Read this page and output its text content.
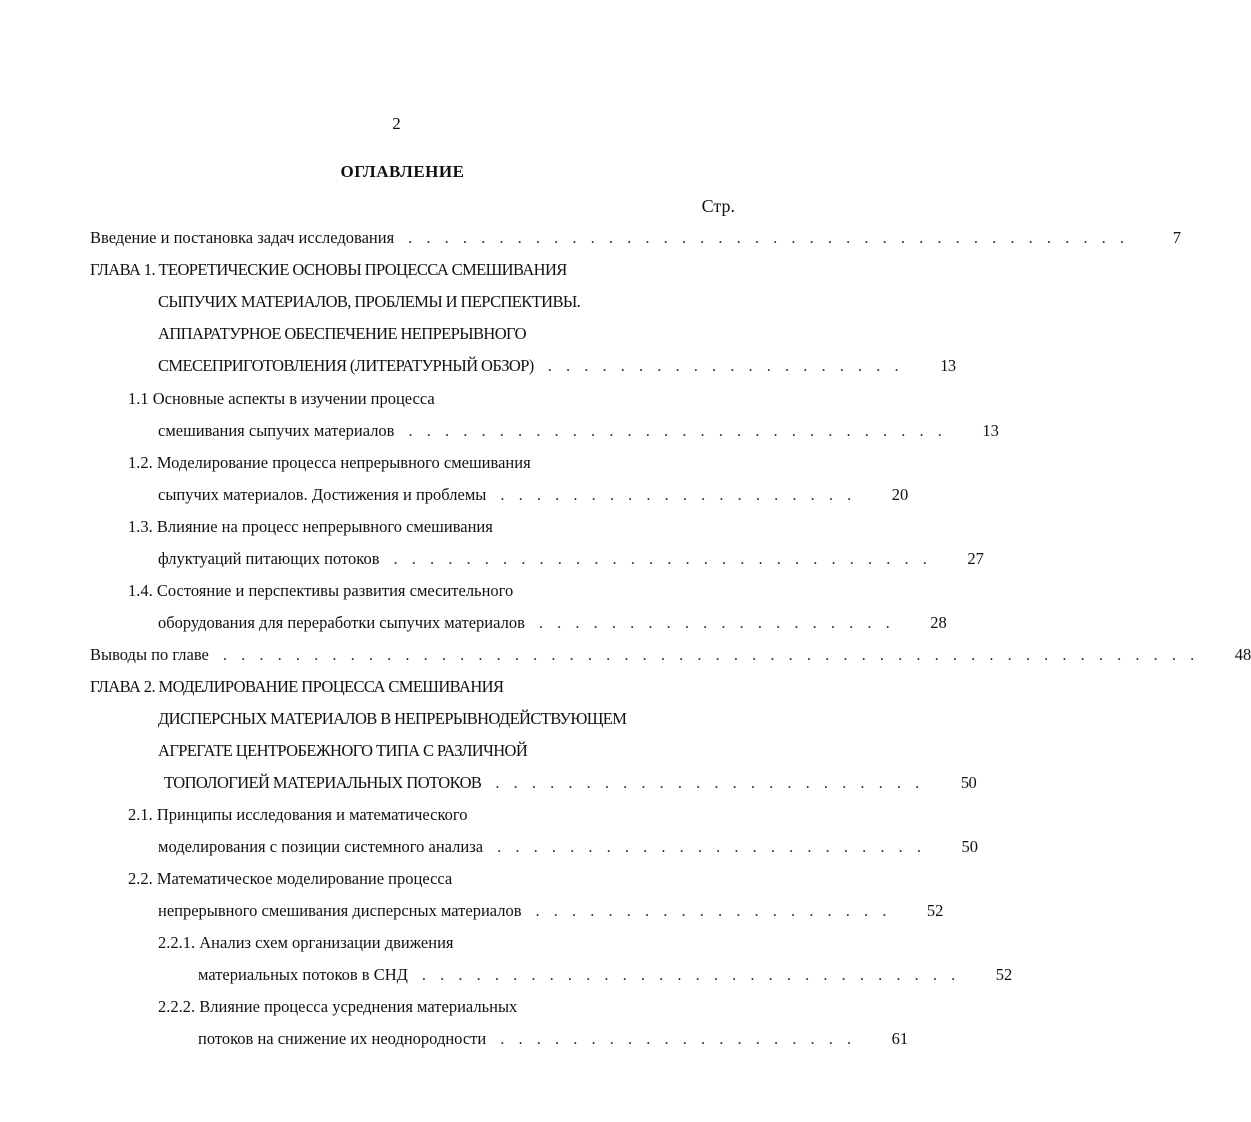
2
ОГЛАВЛЕНИЕ
Стр.
Введение и постановка задач исследования . . . . . . . . . . . . . . . . . . . . . . . . . . . . . . . . . . . . . . . .	7
ГЛАВА 1. ТЕОРЕТИЧЕСКИЕ ОСНОВЫ ПРОЦЕССА СМЕШИВАНИЯ
СЫПУЧИХ МАТЕРИАЛОВ, ПРОБЛЕМЫ И ПЕРСПЕКТИВЫ.
АППАРАТУРНОЕ ОБЕСПЕЧЕНИЕ НЕПРЕРЫВНОГО
СМЕСЕПРИГОТОВЛЕНИЯ (ЛИТЕРАТУРНЫЙ ОБЗОР) . . . . . . . . . . . . . . . . . . . .	13
1.1 Основные аспекты в изучении процесса
смешивания сыпучих материалов . . . . . . . . . . . . . . . . . . . . . . . . . . . . . .	13
1.2. Моделирование процесса непрерывного смешивания
сыпучих материалов. Достижения и проблемы . . . . . . . . . . . . . . . . . . . .	20
1.3. Влияние на процесс непрерывного смешивания
флуктуаций питающих потоков . . . . . . . . . . . . . . . . . . . . . . . . . . . . . .	27
1.4. Состояние и перспективы развития смесительного
оборудования для переработки сыпучих материалов . . . . . . . . . . . . . . . . . . . .	28
Выводы по главе . . . . . . . . . . . . . . . . . . . . . . . . . . . . . . . . . . . . . . . . . . . . . . . . . . . . . .	48
ГЛАВА 2. МОДЕЛИРОВАНИЕ ПРОЦЕССА СМЕШИВАНИЯ
ДИСПЕРСНЫХ МАТЕРИАЛОВ В НЕПРЕРЫВНОДЕЙСТВУЮЩЕМ
АГРЕГАТЕ ЦЕНТРОБЕЖНОГО ТИПА С РАЗЛИЧНОЙ
ТОПОЛОГИЕЙ МАТЕРИАЛЬНЫХ ПОТОКОВ . . . . . . . . . . . . . . . . . . . . . . . .	50
2.1. Принципы исследования и математического
моделирования с позиции системного анализа . . . . . . . . . . . . . . . . . . . . . . . .	50
2.2. Математическое моделирование процесса
непрерывного смешивания дисперсных материалов . . . . . . . . . . . . . . . . . . . .	52
2.2.1. Анализ схем организации движения
материальных потоков в СНД . . . . . . . . . . . . . . . . . . . . . . . . . . . . . .	52
2.2.2. Влияние процесса усреднения материальных
потоков на снижение их неоднородности . . . . . . . . . . . . . . . . . . . .	61
